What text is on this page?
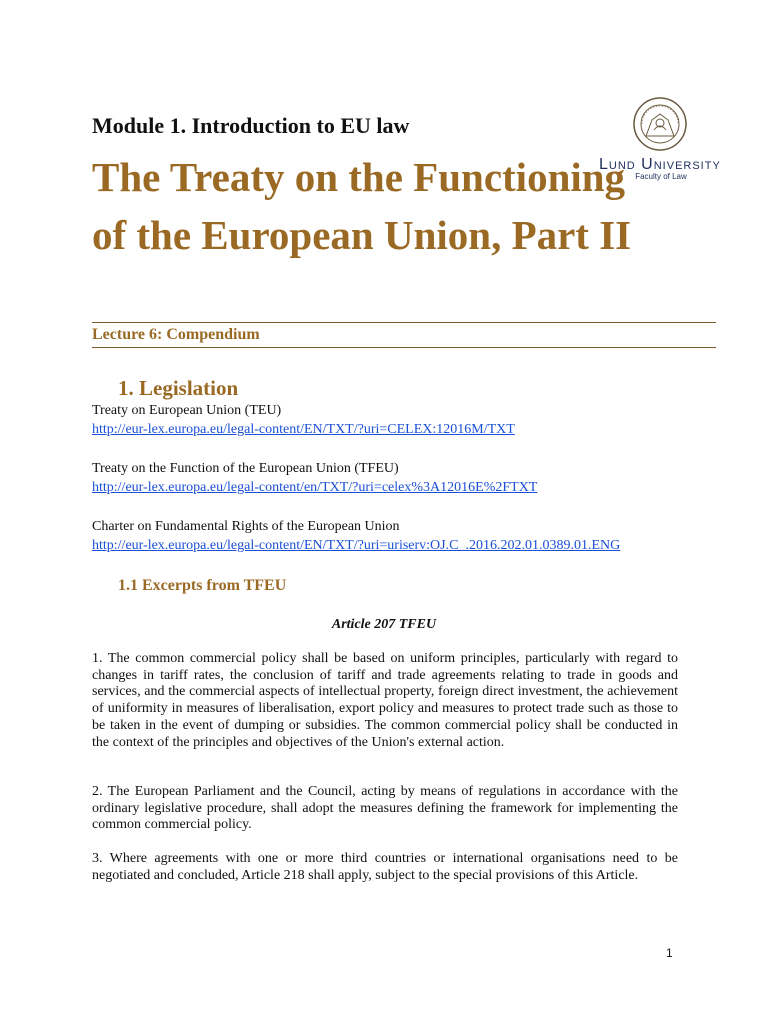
Lund University
Faculty of Law
Module 1. Introduction to EU law
The Treaty on the Functioning of the European Union, Part II
Lecture 6: Compendium
1. Legislation
Treaty on European Union (TEU)
http://eur-lex.europa.eu/legal-content/EN/TXT/?uri=CELEX:12016M/TXT
Treaty on the Function of the European Union (TFEU)
http://eur-lex.europa.eu/legal-content/en/TXT/?uri=celex%3A12016E%2FTXT
Charter on Fundamental Rights of the European Union
http://eur-lex.europa.eu/legal-content/EN/TXT/?uri=uriserv:OJ.C_.2016.202.01.0389.01.ENG
1.1 Excerpts from TFEU
Article 207 TFEU
1. The common commercial policy shall be based on uniform principles, particularly with regard to changes in tariff rates, the conclusion of tariff and trade agreements relating to trade in goods and services, and the commercial aspects of intellectual property, foreign direct investment, the achievement of uniformity in measures of liberalisation, export policy and measures to protect trade such as those to be taken in the event of dumping or subsidies. The common commercial policy shall be conducted in the context of the principles and objectives of the Union's external action.
2. The European Parliament and the Council, acting by means of regulations in accordance with the ordinary legislative procedure, shall adopt the measures defining the framework for implementing the common commercial policy.
3. Where agreements with one or more third countries or international organisations need to be negotiated and concluded, Article 218 shall apply, subject to the special provisions of this Article.
1
